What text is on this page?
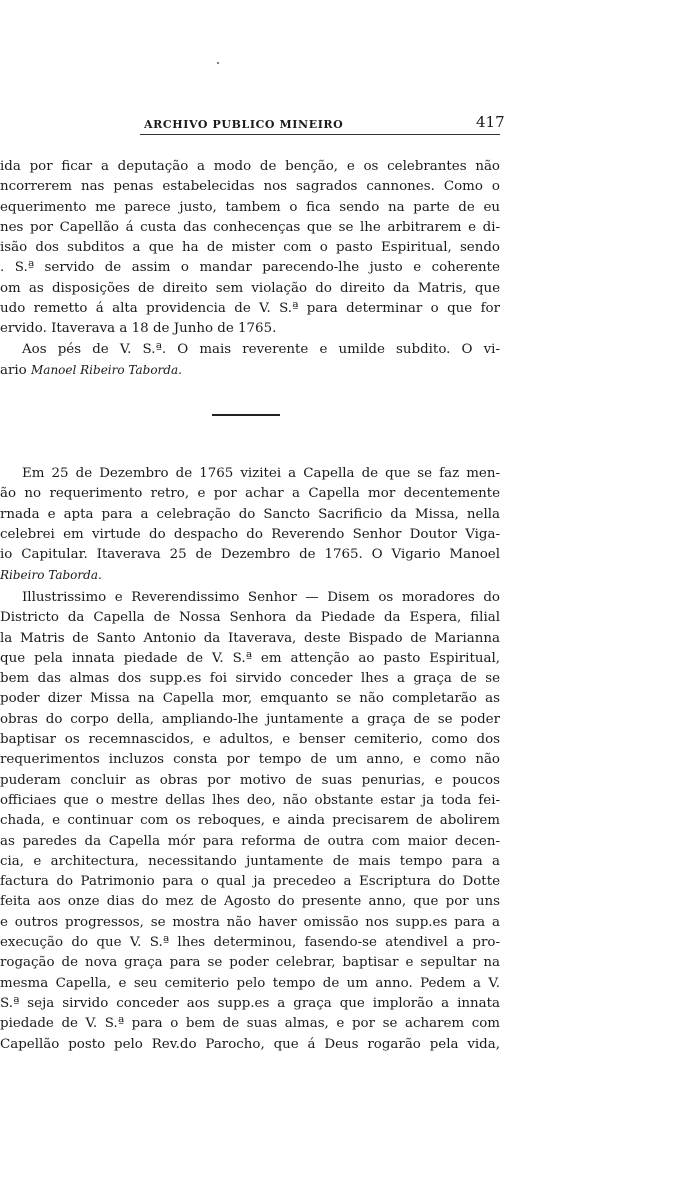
ARCHIVO PUBLICO MINEIRO	417
ida por ficar a deputação a modo de benção, e os celebrantes não
ncorrerem nas penas estabelecidas nos sagrados cannones. Como o
equerimento me parece justo, tambem o fica sendo na parte de eu
nes por Capellão á custa das conhecenças que se lhe arbitrarem e di-
isão dos subditos a que ha de mister com o pasto Espiritual, sendo
. S.ª servido de assim o mandar parecendo-lhe justo e coherente
om as disposições de direito sem violação do direito da Matris, que
udo remetto á alta providencia de V. S.ª para determinar o que for
ervido. Itaverava a 18 de Junho de 1765.
Aos pés de V. S.ª. O mais reverente e umilde subdito. O vi-
ario Manoel Ribeiro Taborda.
Em 25 de Dezembro de 1765 vizitei a Capella de que se faz men-
ão no requerimento retro, e por achar a Capella mor decentemente
rnada e apta para a celebração do Sancto Sacrificio da Missa, nella
celebrei em virtude do despacho do Reverendo Senhor Doutor Viga-
io Capitular. Itaverava 25 de Dezembro de 1765. O Vigario Manoel
Ribeiro Taborda.
Illustrissimo e Reverendissimo Senhor — Disem os moradores do
Districto da Capella de Nossa Senhora da Piedade da Espera, filial
la Matris de Santo Antonio da Itaverava, deste Bispado de Marianna
que pela innata piedade de V. S.ª em attenção ao pasto Espiritual,
bem das almas dos supp.es foi sirvido conceder lhes a graça de se
poder dizer Missa na Capella mor, emquanto se não completarão as
obras do corpo della, ampliando-lhe juntamente a graça de se poder
baptisar os recemnascidos, e adultos, e benser cemiterio, como dos
requerimentos incluzos consta por tempo de um anno, e como não
puderam concluir as obras por motivo de suas penurias, e poucos
officiaes que o mestre dellas lhes deo, não obstante estar ja toda fei-
chada, e continuar com os reboques, e ainda precisarem de abolirem
as paredes da Capella mór para reforma de outra com maior decen-
cia, e architectura, necessitando juntamente de mais tempo para a
factura do Patrimonio para o qual ja precedeo a Escriptura do Dotte
feita aos onze dias do mez de Agosto do presente anno, que por uns
e outros progressos, se mostra não haver omissão nos supp.es para a
execução do que V. S.ª lhes determinou, fasendo-se atendivel a pro-
rogação de nova graça para se poder celebrar, baptisar e sepultar na
mesma Capella, e seu cemiterio pelo tempo de um anno. Pedem a V.
S.ª seja sirvido conceder aos supp.es a graça que implorão a innata
piedade de V. S.ª para o bem de suas almas, e por se acharem com
Capellão posto pelo Rev.do Parocho, que á Deus rogarão pela vida,
